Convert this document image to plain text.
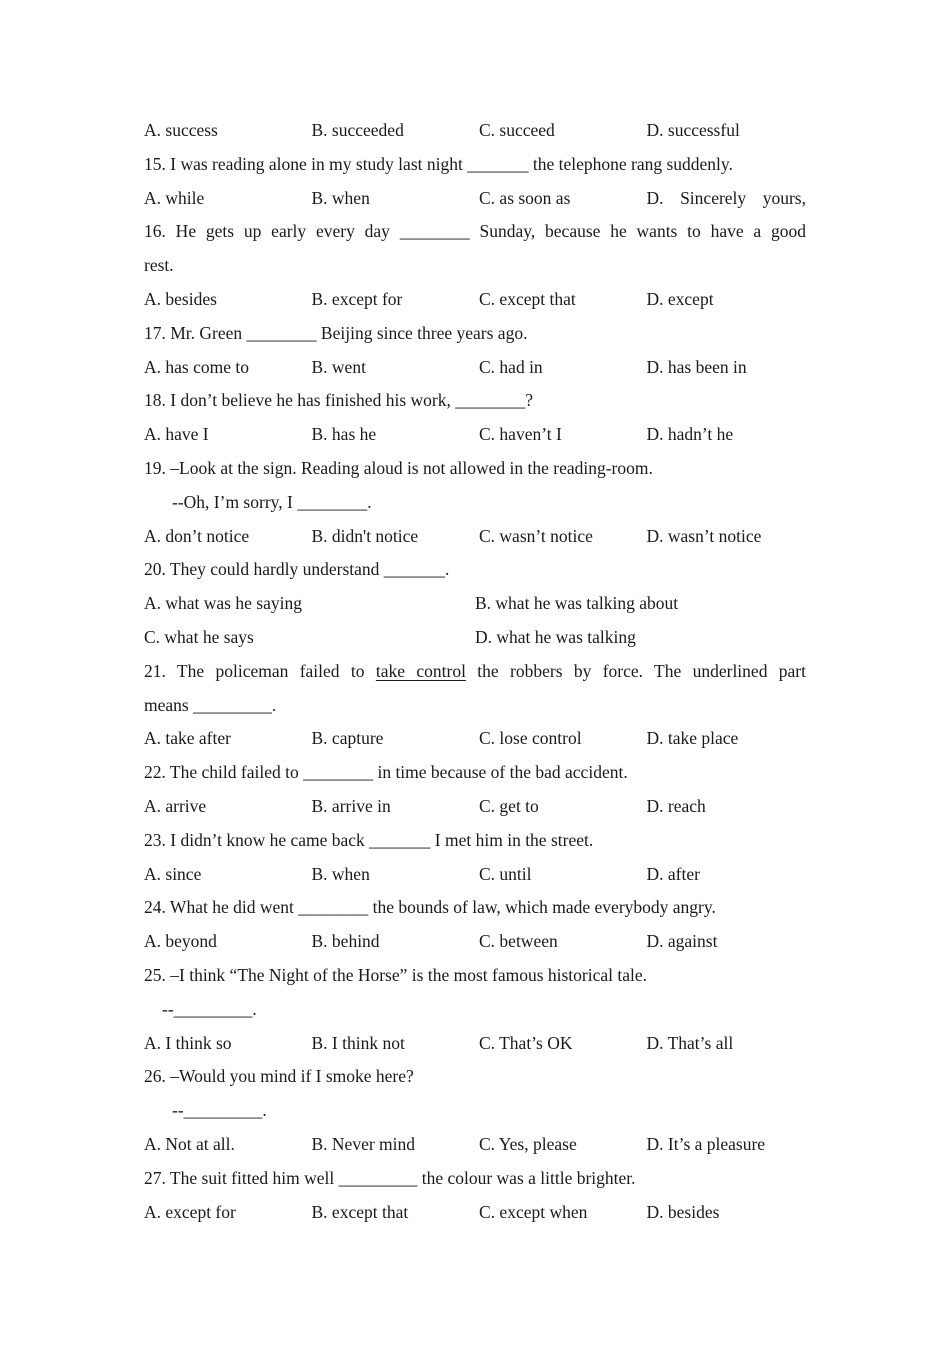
A. success	B. succeeded	C. succeed	D. successful
15. I was reading alone in my study last night _______ the telephone rang suddenly.
A. while	B. when	C. as soon as	D.  Sincerely  yours,
16. He gets up early every day ________ Sunday, because he wants to have a good
rest.
A. besides	B. except for	C. except that	D. except
17. Mr. Green ________ Beijing since three years ago.
A. has come to	B. went	C. had in	D. has been in
18. I don’t believe he has finished his work, ________?
A. have I	B. has he	C. haven’t I	D. hadn’t he
19. –Look at the sign. Reading aloud is not allowed in the reading-room.
--Oh, I’m sorry, I ________.
A. don’t notice	B. didn't notice	C. wasn’t notice	D. wasn’t notice
20. They could hardly understand _______.
A. what was he saying	B. what he was talking about
C. what he says	D. what he was talking
21. The policeman failed to take control the robbers by force. The underlined part
means _________.
A. take after	B. capture	C. lose control	D. take place
22. The child failed to ________ in time because of the bad accident.
A. arrive	B. arrive in	C. get to	D. reach
23. I didn’t know he came back _______ I met him in the street.
A. since	B. when	C. until	D. after
24. What he did went ________ the bounds of law, which made everybody angry.
A. beyond	B. behind	C. between	D. against
25. –I think “The Night of the Horse” is the most famous historical tale.
--_________.
A. I think so	B. I think not	C. That’s OK	D. That’s all
26. –Would you mind if I smoke here?
--_________.
A. Not at all.	B. Never mind	C. Yes, please	D. It’s a pleasure
27. The suit fitted him well _________ the colour was a little brighter.
A. except for	B. except that	C. except when	D. besides
